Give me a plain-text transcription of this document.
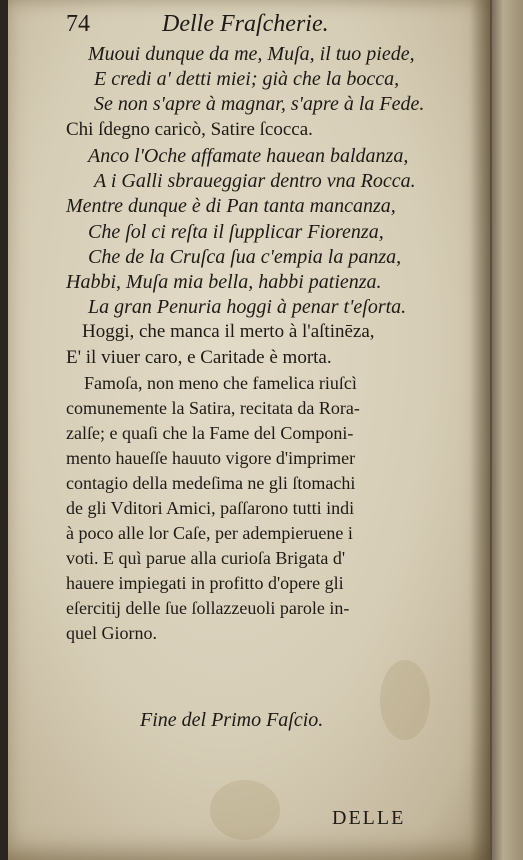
74	Delle Fraſcherie.
Muoui dunque da me, Muſa, il tuo piede,
E credi a' detti miei; già che la bocca,
Se non s'apre à magnar, s'apre à la Fede.
Chi ſdegno caricò, Satire ſcocca.
Anco l'Oche affamate hauean baldanza,
A i Galli sbraueggiar dentro vna Rocca.
Mentre dunque è di Pan tanta mancanza,
Che ſol ci reſta il ſupplicar Fiorenza,
Che de la Cruſca ſua c'empia la panza,
Habbi, Muſa mia bella, habbi patienza.
La gran Penuria hoggi à penar t'eſorta.
Hoggi, che manca il merto à l'aſtinēza,
E' il viuer caro, e Caritade è morta.
Famoſa, non meno che famelica riuſcì
comunemente la Satira, recitata da Rora-
zalſe; e quaſi che la Fame del Componi-
mento haueſſe hauuto vigore d'imprimer
contagio della medeſima ne gli ſtomachi
de gli Vditori Amici, paſſarono tutti indi
à poco alle lor Caſe, per adempieruene i
voti. E quì parue alla curioſa Brigata d'
hauere impiegati in profitto d'opere gli
eſercitij delle ſue ſollazzeuoli parole in-
quel Giorno.
Fine del Primo Faſcio.
DELLE
